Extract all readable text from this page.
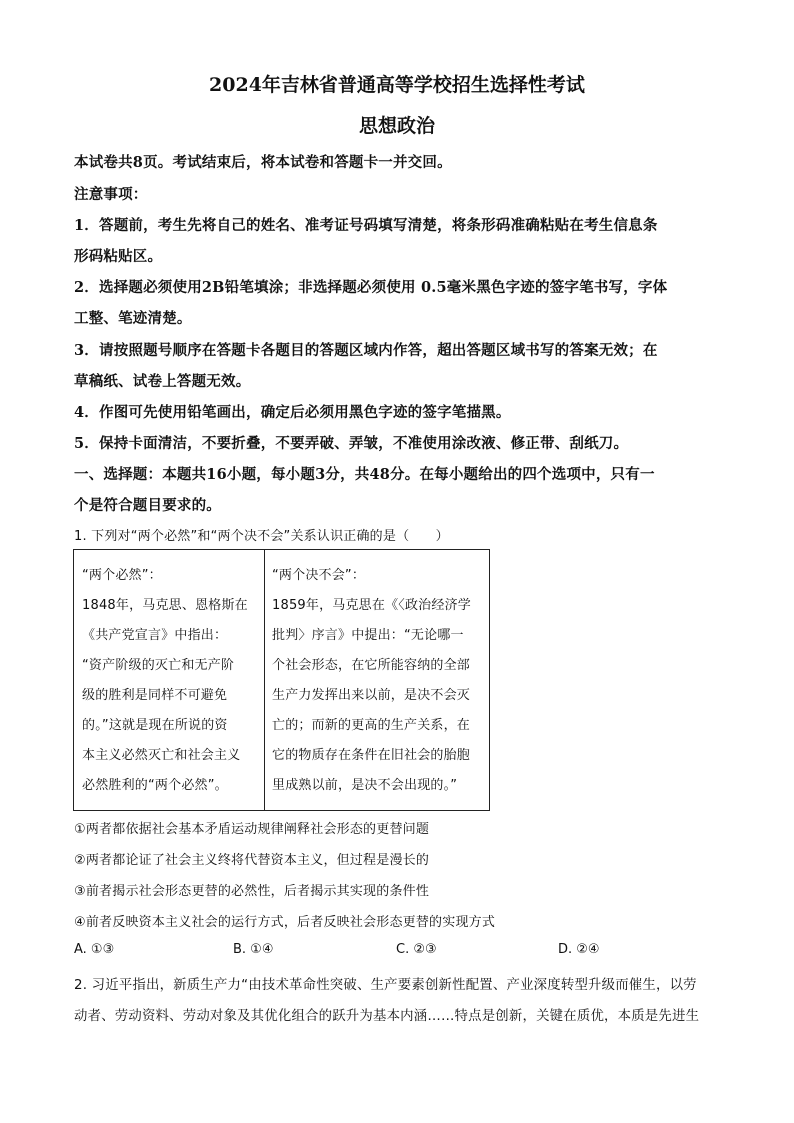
2024年吉林省普通高等学校招生选择性考试
思想政治
本试卷共8页。考试结束后，将本试卷和答题卡一并交回。
注意事项：
1．答题前，考生先将自己的姓名、准考证号码填写清楚，将条形码准确粘贴在考生信息条
形码粘贴区。
2．选择题必须使用2B铅笔填涂；非选择题必须使用 0.5毫米黑色字迹的签字笔书写，字体
工整、笔迹清楚。
3．请按照题号顺序在答题卡各题目的答题区域内作答，超出答题区域书写的答案无效；在
草稿纸、试卷上答题无效。
4．作图可先使用铅笔画出，确定后必须用黑色字迹的签字笔描黑。
5．保持卡面清洁，不要折叠，不要弄破、弄皱，不准使用涂改液、修正带、刮纸刀。
一、选择题：本题共16小题，每小题3分，共48分。在每小题给出的四个选项中，只有一
个是符合题目要求的。
1. 下列对“两个必然”和“两个决不会”关系认识正确的是（　　）
“两个必然”：
1848年，马克思、恩格斯在
《共产党宣言》中指出：
“资产阶级的灭亡和无产阶
级的胜利是同样不可避免
的。”这就是现在所说的资
本主义必然灭亡和社会主义
必然胜利的“两个必然”。
“两个决不会”：
1859年，马克思在《〈政治经济学
批判〉序言》中提出：“无论哪一
个社会形态，在它所能容纳的全部
生产力发挥出来以前，是决不会灭
亡的；而新的更高的生产关系，在
它的物质存在条件在旧社会的胎胞
里成熟以前，是决不会出现的。”
①两者都依据社会基本矛盾运动规律阐释社会形态的更替问题
②两者都论证了社会主义终将代替资本主义，但过程是漫长的
③前者揭示社会形态更替的必然性，后者揭示其实现的条件性
④前者反映资本主义社会的运行方式，后者反映社会形态更替的实现方式
A. ①③	B. ①④	C. ②③	D. ②④
2. 习近平指出，新质生产力“由技术革命性突破、生产要素创新性配置、产业深度转型升级而催生，以劳
动者、劳动资料、劳动对象及其优化组合的跃升为基本内涵……特点是创新，关键在质优，本质是先进生
